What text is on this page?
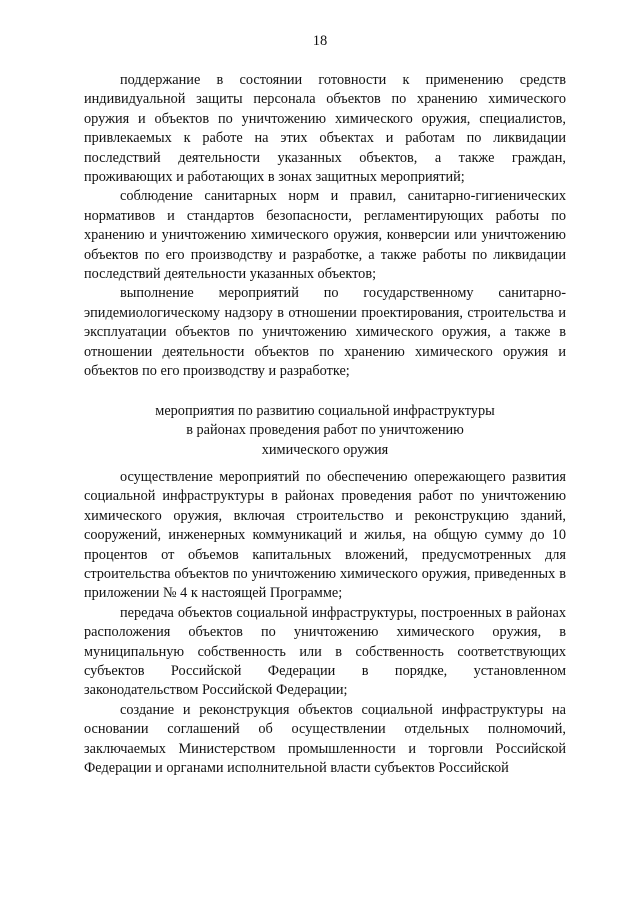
18

поддержание в состоянии готовности к применению средств индивидуальной защиты персонала объектов по хранению химического оружия и объектов по уничтожению химического оружия, специалистов, привлекаемых к работе на этих объектах и работам по ликвидации последствий деятельности указанных объектов, а также граждан, проживающих и работающих в зонах защитных мероприятий;

соблюдение санитарных норм и правил, санитарно-гигиенических нормативов и стандартов безопасности, регламентирующих работы по хранению и уничтожению химического оружия, конверсии или уничтожению объектов по его производству и разработке, а также работы по ликвидации последствий деятельности указанных объектов;

выполнение мероприятий по государственному санитарно-эпидемиологическому надзору в отношении проектирования, строительства и эксплуатации объектов по уничтожению химического оружия, а также в отношении деятельности объектов по хранению химического оружия и объектов по его производству и разработке;

мероприятия по развитию социальной инфраструктуры
в районах проведения работ по уничтожению
химического оружия

осуществление мероприятий по обеспечению опережающего развития социальной инфраструктуры в районах проведения работ по уничтожению химического оружия, включая строительство и реконструкцию зданий, сооружений, инженерных коммуникаций и жилья, на общую сумму до 10 процентов от объемов капитальных вложений, предусмотренных для строительства объектов по уничтожению химического оружия, приведенных в приложении № 4 к настоящей Программе;

передача объектов социальной инфраструктуры, построенных в районах расположения объектов по уничтожению химического оружия, в муниципальную собственность или в собственность соответствующих субъектов Российской Федерации в порядке, установленном законодательством Российской Федерации;

создание и реконструкция объектов социальной инфраструктуры на основании соглашений об осуществлении отдельных полномочий, заключаемых Министерством промышленности и торговли Российской Федерации и органами исполнительной власти субъектов Российской
